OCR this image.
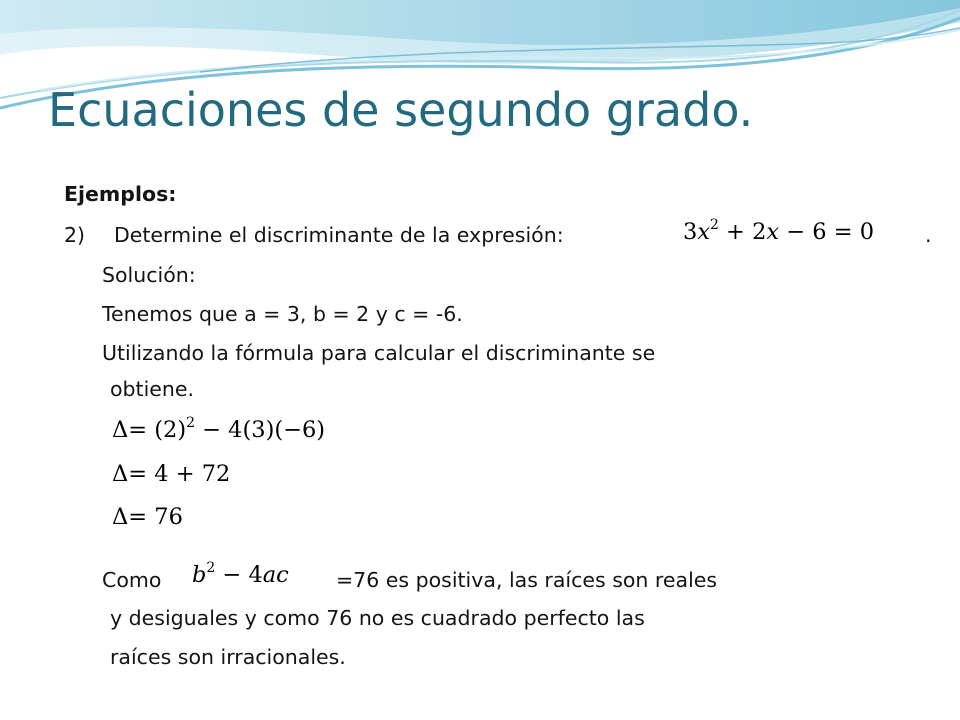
Ecuaciones de segundo grado.
Ejemplos:
2) Determine el discriminante de la expresión:	$3x^2 + 2x - 6 = 0$ .
Solución:
Tenemos que a = 3, b = 2 y c = -6.
Utilizando la fórmula para calcular el discriminante se
obtiene.
$\Delta= (2)^2 - 4(3)(-6)$
Δ= 4 + 72
Δ= 76
Como $b^2 - 4ac =76$ es positiva, las raíces son reales
y desiguales y como 76 no es cuadrado perfecto las
raíces son irracionales.
